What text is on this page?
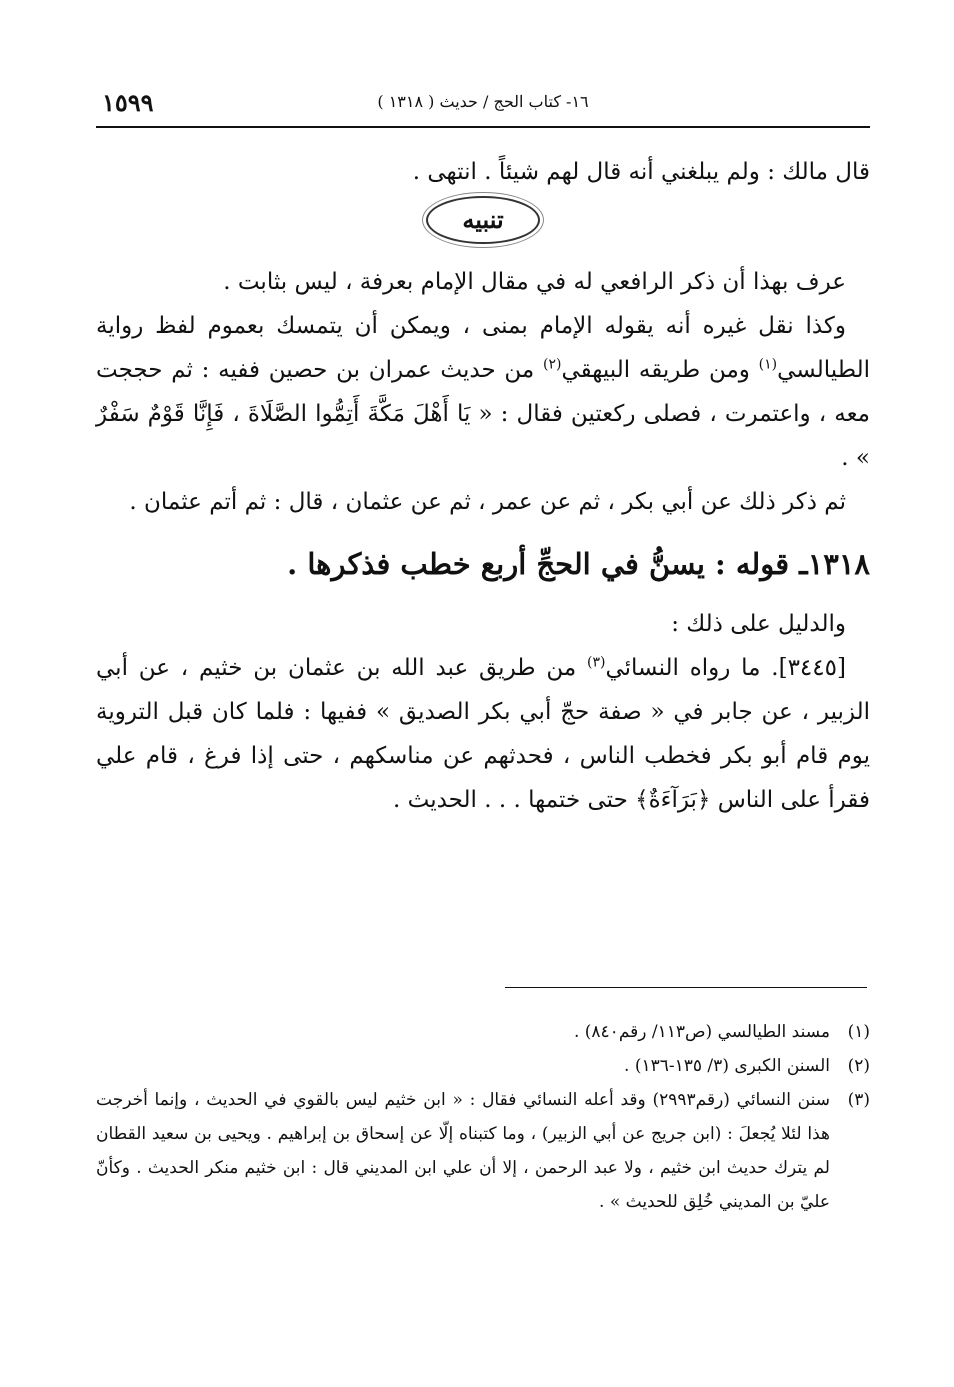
١٥٩٩	١٦- كتاب الحج / حديث ( ١٣١٨ )

قال مالك : ولم يبلغني أنه قال لهم شيئاً . انتهى .

تنبيه

عرف بهذا أن ذكر الرافعي له في مقال الإمام بعرفة ، ليس بثابت .

وكذا نقل غيره أنه يقوله الإمام بمنى ، ويمكن أن يتمسك بعموم لفظ رواية الطيالسي$^{(١)}$ ومن طريقه البيهقي$^{(٢)}$ من حديث عمران بن حصين ففيه : ثم حججت معه ، واعتمرت ، فصلى ركعتين فقال : « يَا أَهْلَ مَكَّةَ أَتِمُّوا الصَّلَاةَ ، فَإِنَّا قَوْمٌ سَفْرٌ » .

ثم ذكر ذلك عن أبي بكر ، ثم عن عمر ، ثم عن عثمان ، قال : ثم أتم عثمان .

١٣١٨ـ قوله : يسنُّ في الحجِّ أربع خطب فذكرها .

والدليل على ذلك :

[٣٤٤٥]. ما رواه النسائي$^{(٣)}$ من طريق عبد الله بن عثمان بن خثيم ، عن أبي الزبير ، عن جابر في « صفة حجّ أبي بكر الصديق » ففيها : فلما كان قبل التروية يوم قام أبو بكر فخطب الناس ، فحدثهم عن مناسكهم ، حتى إذا فرغ ، قام علي فقرأ على الناس ﴿بَرَآءَةٌ﴾ حتى ختمها . . . الحديث .

(١)
مسند الطيالسي (ص١١٣/ رقم٨٤٠) .

(٢)
السنن الكبرى (٣/ ١٣٥-١٣٦) .

(٣)
سنن النسائي (رقم٢٩٩٣) وقد أعله النسائي فقال : « ابن خثيم ليس بالقوي في الحديث ، وإنما أخرجت هذا لئلا يُجعلَ : (ابن جريج عن أبي الزبير) ، وما كتبناه إلّا عن إسحاق بن إبراهيم . ويحيى بن سعيد القطان لم يترك حديث ابن خثيم ، ولا عبد الرحمن ، إلا أن علي ابن المديني قال : ابن خثيم منكر الحديث . وكأنّ عليّ بن المديني خُلِق للحديث » .
